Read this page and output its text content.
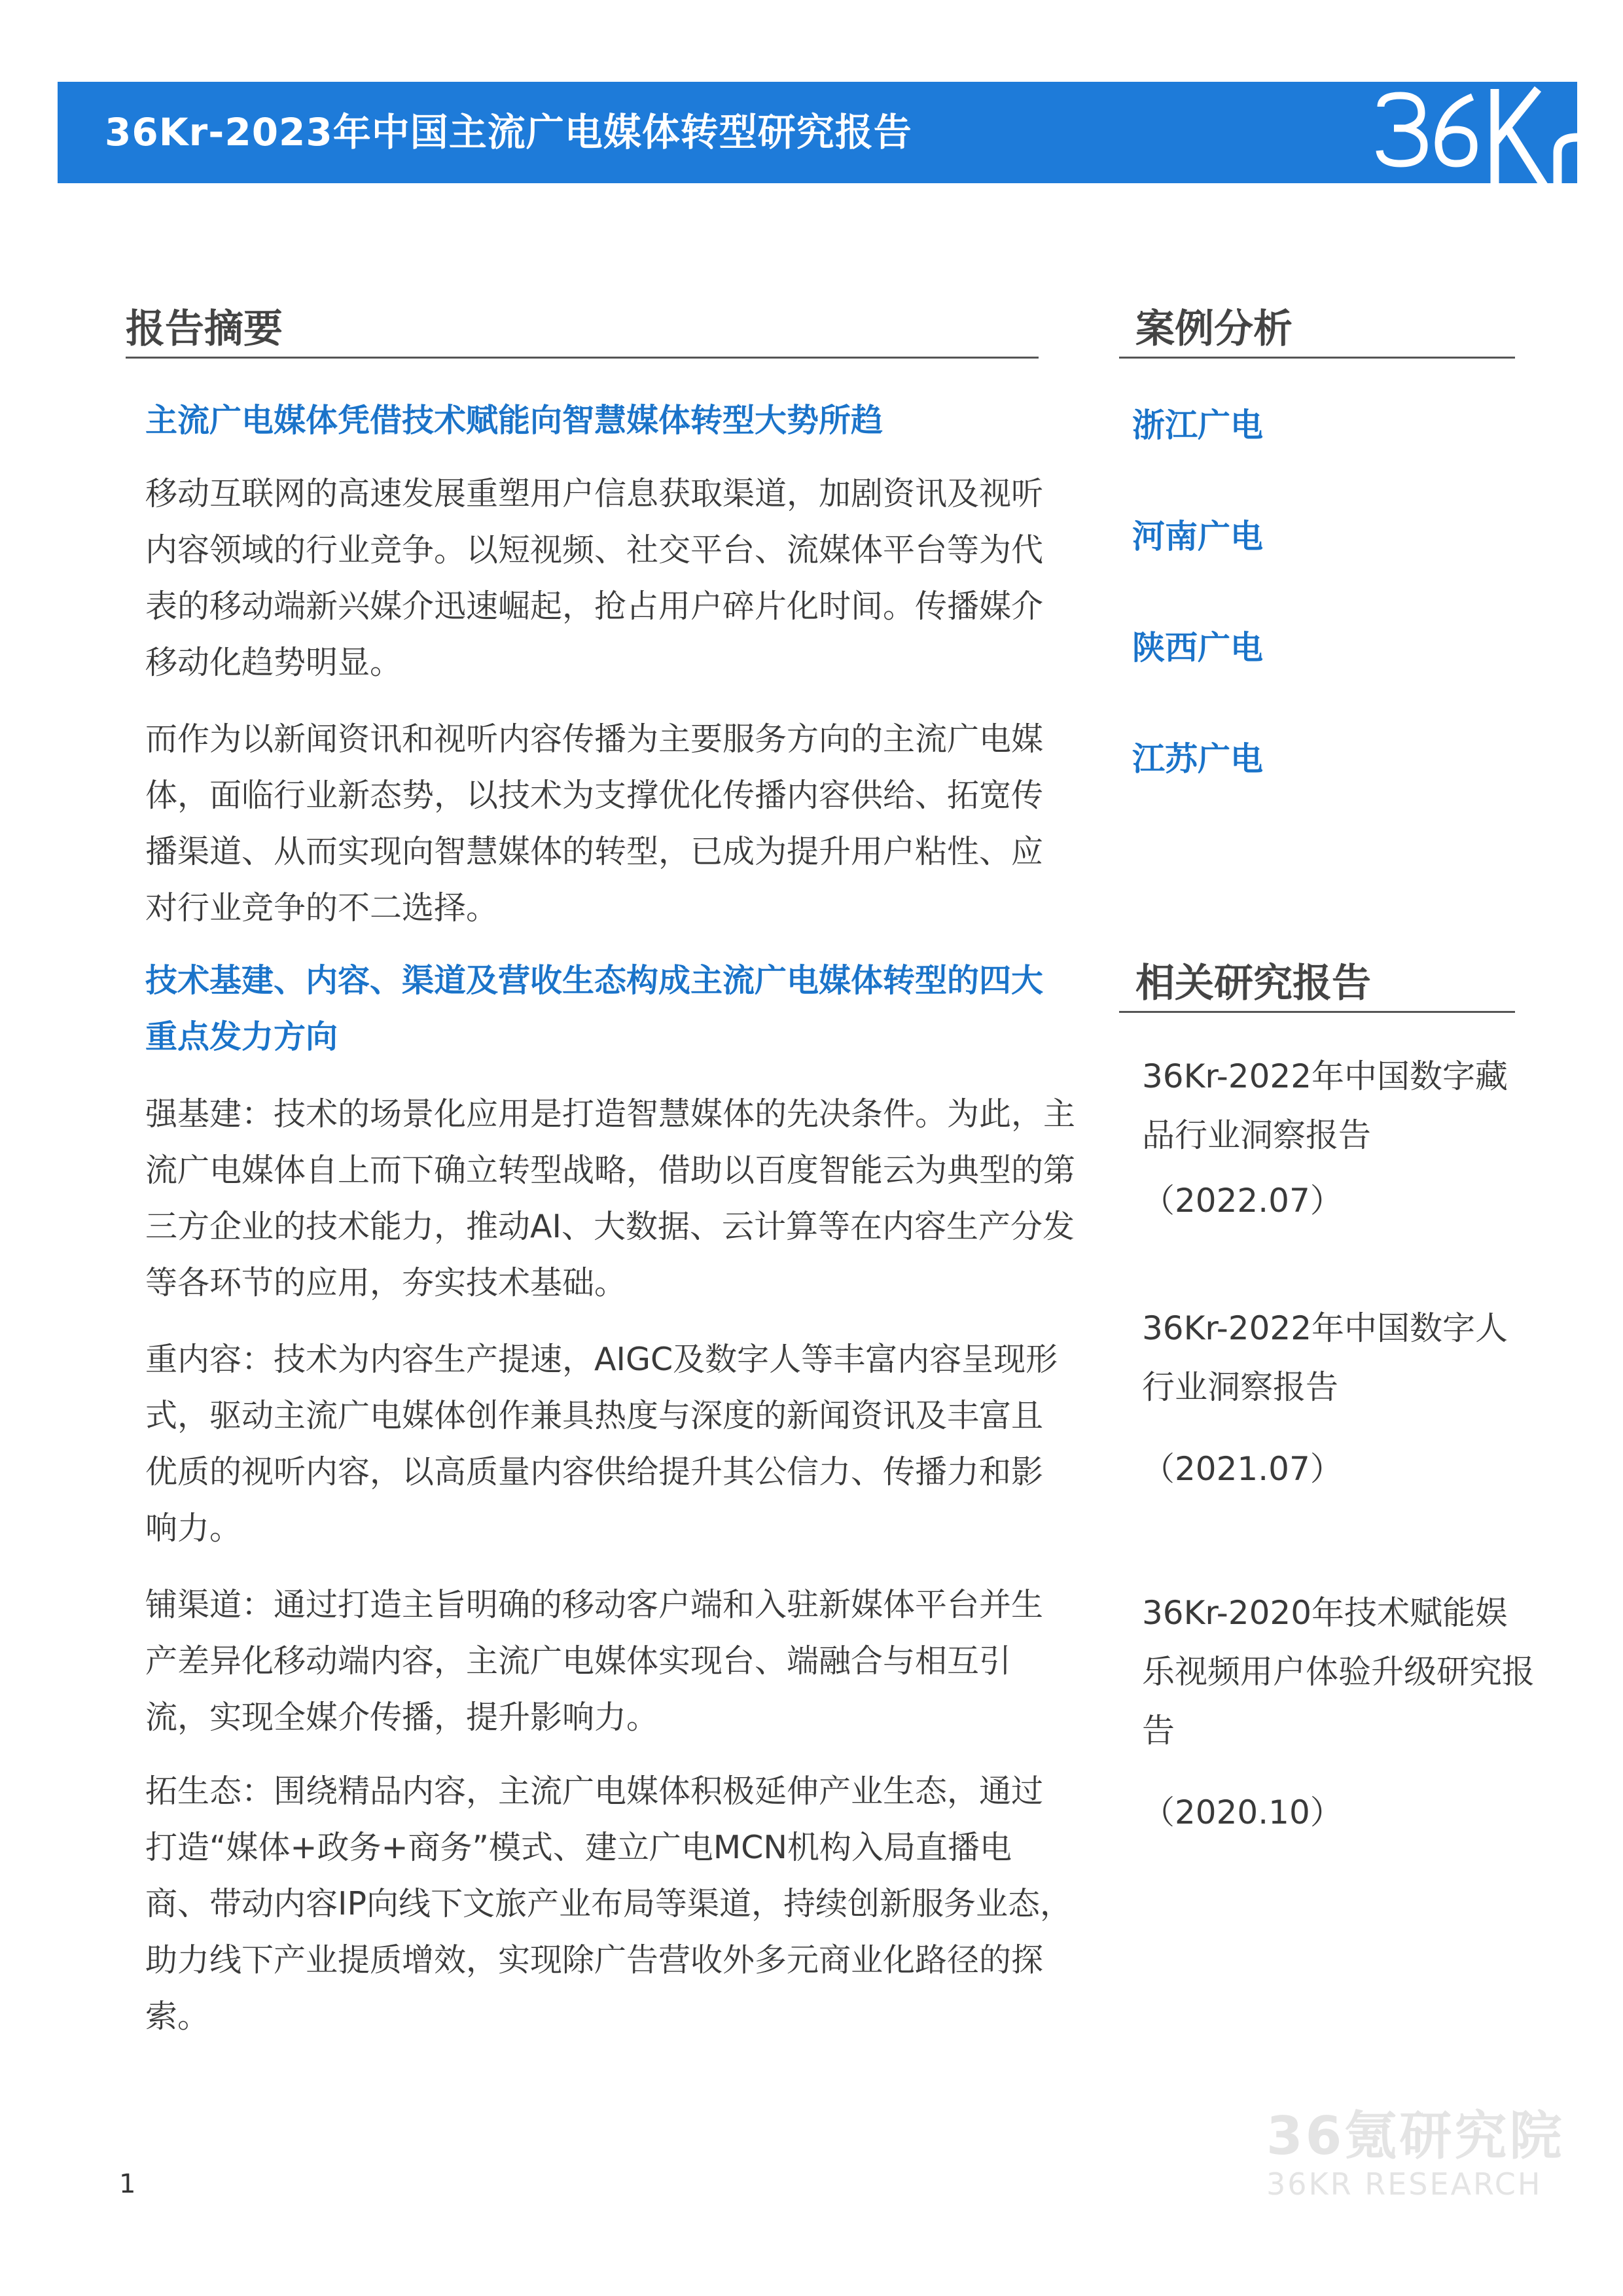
36Kr-2023年中国主流广电媒体转型研究报告
报告摘要
主流广电媒体凭借技术赋能向智慧媒体转型大势所趋
移动互联网的高速发展重塑用户信息获取渠道，加剧资讯及视听内容领域的行业竞争。以短视频、社交平台、流媒体平台等为代表的移动端新兴媒介迅速崛起，抢占用户碎片化时间。传播媒介移动化趋势明显。
而作为以新闻资讯和视听内容传播为主要服务方向的主流广电媒体，面临行业新态势，以技术为支撑优化传播内容供给、拓宽传播渠道、从而实现向智慧媒体的转型，已成为提升用户粘性、应对行业竞争的不二选择。
技术基建、内容、渠道及营收生态构成主流广电媒体转型的四大重点发力方向
强基建：技术的场景化应用是打造智慧媒体的先决条件。为此，主流广电媒体自上而下确立转型战略，借助以百度智能云为典型的第三方企业的技术能力，推动AI、大数据、云计算等在内容生产分发等各环节的应用，夯实技术基础。
重内容：技术为内容生产提速，AIGC及数字人等丰富内容呈现形式，驱动主流广电媒体创作兼具热度与深度的新闻资讯及丰富且优质的视听内容，以高质量内容供给提升其公信力、传播力和影响力。
铺渠道：通过打造主旨明确的移动客户端和入驻新媒体平台并生产差异化移动端内容，主流广电媒体实现台、端融合与相互引流，实现全媒介传播，提升影响力。
拓生态：围绕精品内容，主流广电媒体积极延伸产业生态，通过打造“媒体+政务+商务”模式、建立广电MCN机构入局直播电商、带动内容IP向线下文旅产业布局等渠道，持续创新服务业态，助力线下产业提质增效，实现除广告营收外多元商业化路径的探索。
案例分析
浙江广电
河南广电
陕西广电
江苏广电
相关研究报告
36Kr-2022年中国数字藏品行业洞察报告
（2022.07）
36Kr-2022年中国数字人行业洞察报告
（2021.07）
36Kr-2020年技术赋能娱乐视频用户体验升级研究报告
（2020.10）
1
36氪研究院
36KR RESEARCH
